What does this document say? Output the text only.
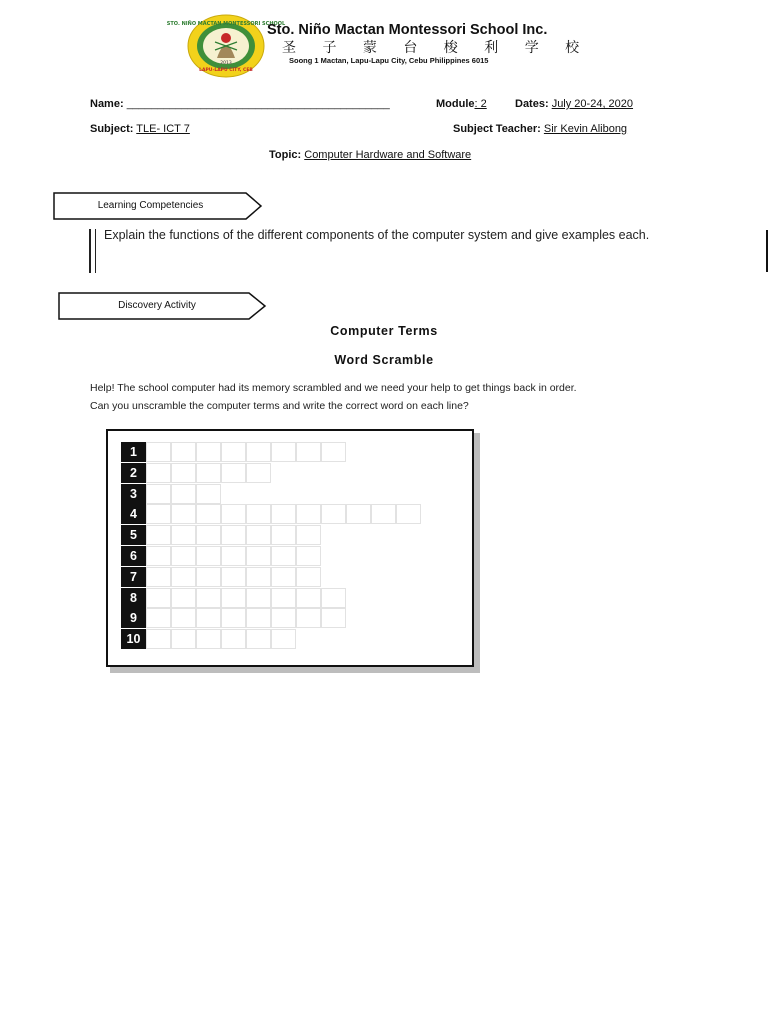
STO. NIÑO MACTAN MONTESSORI SCHOOL
LAPU-LAPU CITY, CEB
2013
Sto. Niño Mactan Montessori School Inc.
圣 子 蒙 台 梭 利 学 校
Soong 1 Mactan, Lapu-Lapu City, Cebu Philippines 6015
Name: ___________________________________________	Module: 2	Dates: July 20-24, 2020
Subject: TLE- ICT 7	Subject Teacher: Sir Kevin Alibong
Topic: Computer Hardware and Software
Learning Competencies
Explain the functions of the different components of the computer system and give examples each.
Discovery Activity
Computer Terms
Word Scramble
Help! The school computer had its memory scrambled and we need your help to get things back in order.
Can you unscramble the computer terms and write the correct word on each line?
1
2
3
4
5
6
7
8
9
10
